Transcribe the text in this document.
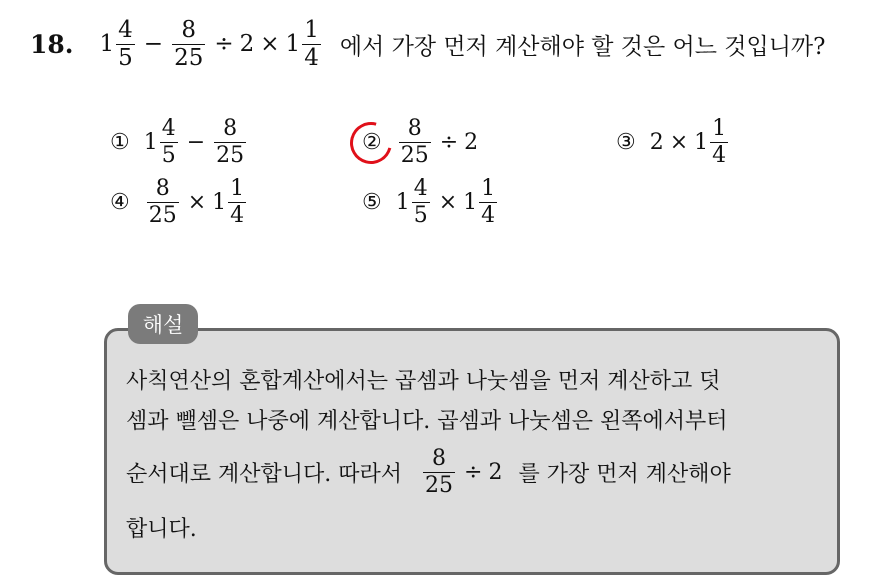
18. $1 \frac{4}{5} - \frac{8}{25} \div 2 \times 1 \frac{1}{4}$ 에서 가장 먼저 계산해야 할 것은 어느 것입니까?
① $1 \frac{4}{5} - \frac{8}{25}$	② $\frac{8}{25} \div 2$	③ $2 \times 1 \frac{1}{4}$
④ $\frac{8}{25} \times 1 \frac{1}{4}$	⑤ $1 \frac{4}{5} \times 1 \frac{1}{4}$
해설
사칙연산의 혼합계산에서는 곱셈과 나눗셈을 먼저 계산하고 덧
셈과 뺄셈은 나중에 계산합니다. 곱셈과 나눗셈은 왼쪽에서부터
순서대로 계산합니다. 따라서 $\frac{8}{25} \div 2$ 를 가장 먼저 계산해야
합니다.
